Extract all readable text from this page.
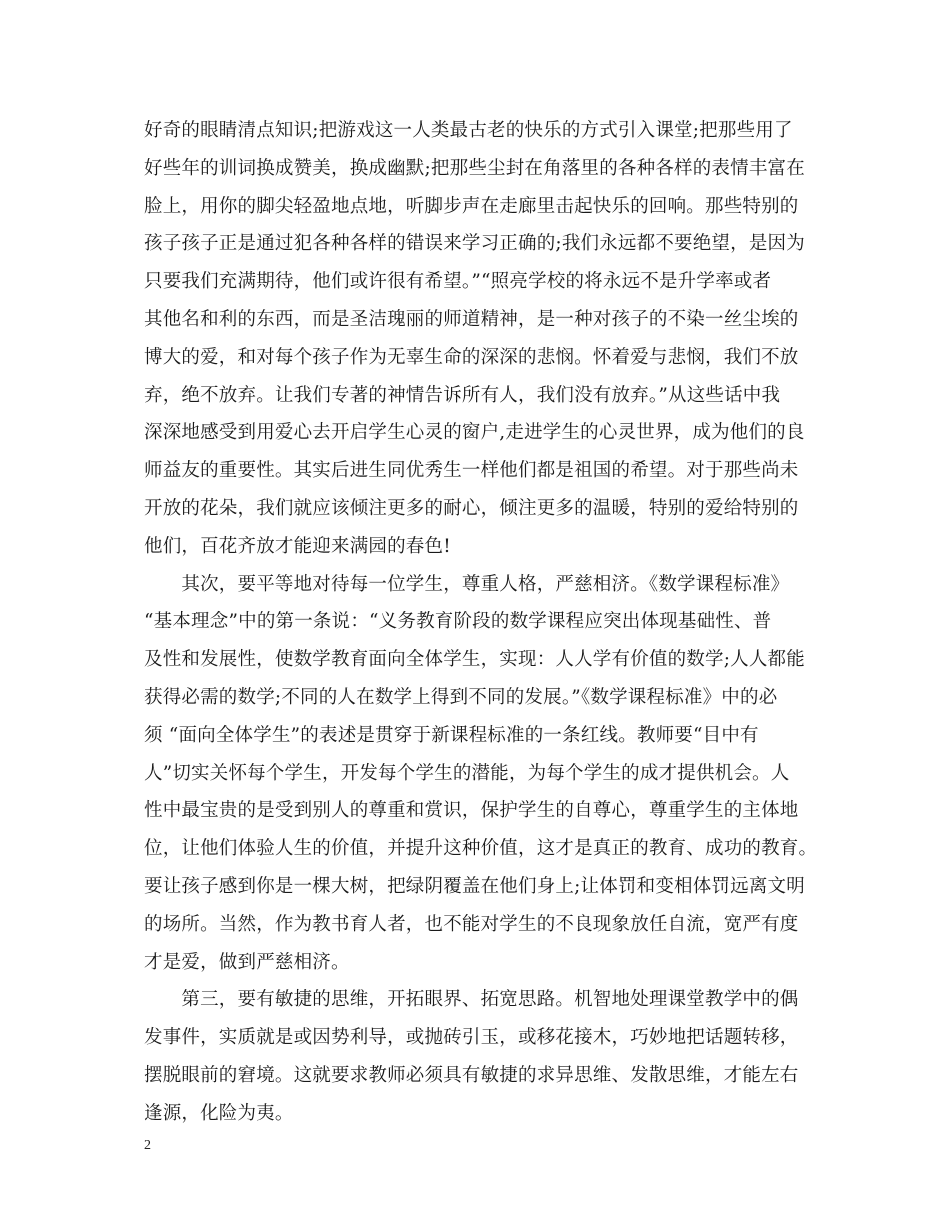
好奇的眼睛清点知识;把游戏这一人类最古老的快乐的方式引入课堂;把那些用了
好些年的训词换成赞美，换成幽默;把那些尘封在角落里的各种各样的表情丰富在
脸上，用你的脚尖轻盈地点地，听脚步声在走廊里击起快乐的回响。那些特别的
孩子孩子正是通过犯各种各样的错误来学习正确的;我们永远都不要绝望，是因为
只要我们充满期待，他们或许很有希望。”“照亮学校的将永远不是升学率或者
其他名和利的东西，而是圣洁瑰丽的师道精神，是一种对孩子的不染一丝尘埃的
博大的爱，和对每个孩子作为无辜生命的深深的悲悯。怀着爱与悲悯，我们不放
弃，绝不放弃。让我们专著的神情告诉所有人，我们没有放弃。”从这些话中我
深深地感受到用爱心去开启学生心灵的窗户,走进学生的心灵世界，成为他们的良
师益友的重要性。其实后进生同优秀生一样他们都是祖国的希望。对于那些尚未
开放的花朵，我们就应该倾注更多的耐心，倾注更多的温暖，特别的爱给特别的
他们，百花齐放才能迎来满园的春色!
　　其次，要平等地对待每一位学生，尊重人格，严慈相济。《数学课程标准》
“基本理念”中的第一条说：“义务教育阶段的数学课程应突出体现基础性、普
及性和发展性，使数学教育面向全体学生，实现：人人学有价值的数学;人人都能
获得必需的数学;不同的人在数学上得到不同的发展。”《数学课程标准》中的必
须 “面向全体学生”的表述是贯穿于新课程标准的一条红线。教师要“目中有
人”切实关怀每个学生，开发每个学生的潜能，为每个学生的成才提供机会。人
性中最宝贵的是受到别人的尊重和赏识，保护学生的自尊心，尊重学生的主体地
位，让他们体验人生的价值，并提升这种价值，这才是真正的教育、成功的教育。
要让孩子感到你是一棵大树，把绿阴覆盖在他们身上;让体罚和变相体罚远离文明
的场所。当然，作为教书育人者，也不能对学生的不良现象放任自流，宽严有度
才是爱，做到严慈相济。
　　第三，要有敏捷的思维，开拓眼界、拓宽思路。机智地处理课堂教学中的偶
发事件，实质就是或因势利导，或抛砖引玉，或移花接木，巧妙地把话题转移，
摆脱眼前的窘境。这就要求教师必须具有敏捷的求异思维、发散思维，才能左右
逢源，化险为夷。
2
